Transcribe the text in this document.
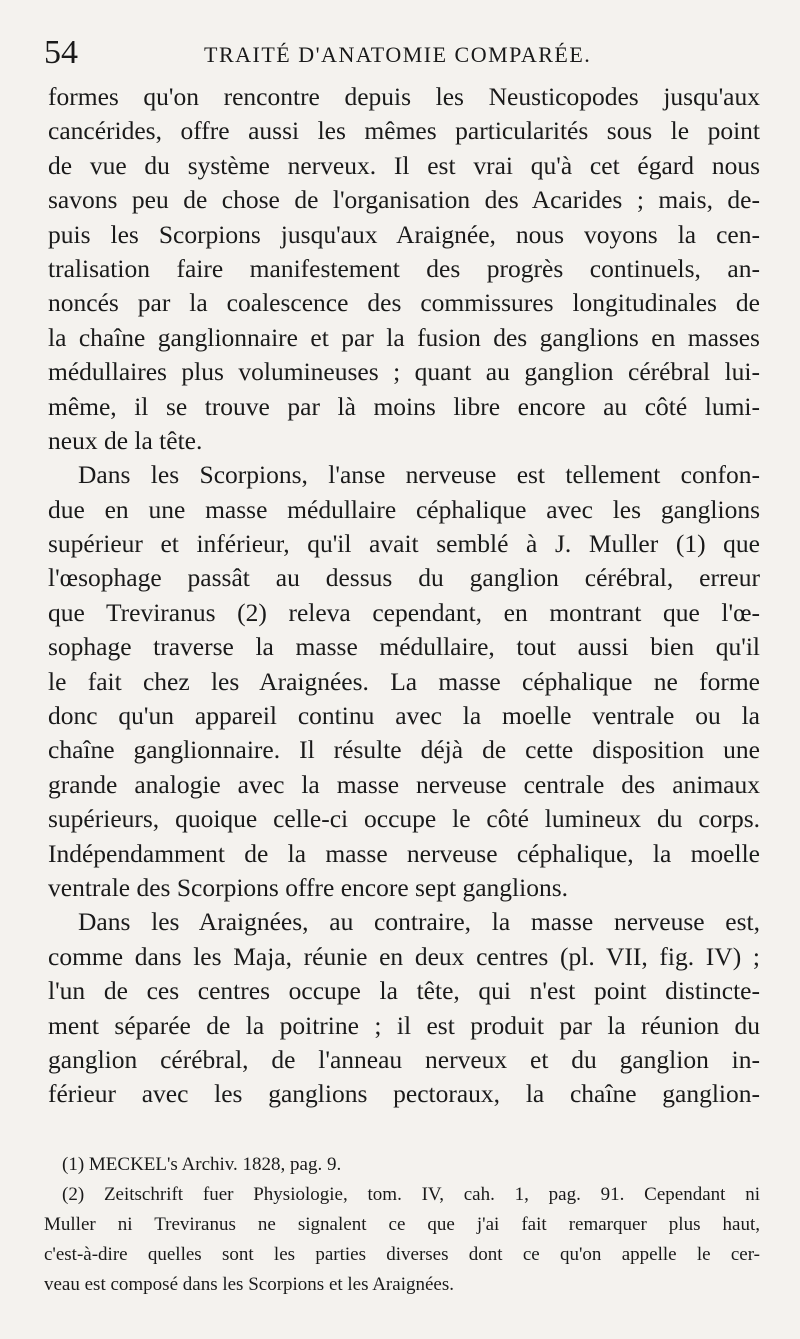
54	TRAITÉ D'ANATOMIE COMPARÉE.
formes qu'on rencontre depuis les Neusticopodes jusqu'aux
cancérides, offre aussi les mêmes particularités sous le point
de vue du système nerveux. Il est vrai qu'à cet égard nous
savons peu de chose de l'organisation des Acarides ; mais, de-
puis les Scorpions jusqu'aux Araignée, nous voyons la cen-
tralisation faire manifestement des progrès continuels, an-
noncés par la coalescence des commissures longitudinales de
la chaîne ganglionnaire et par la fusion des ganglions en masses
médullaires plus volumineuses ; quant au ganglion cérébral lui-
même, il se trouve par là moins libre encore au côté lumi-
neux de la tête.
Dans les Scorpions, l'anse nerveuse est tellement confon-
due en une masse médullaire céphalique avec les ganglions
supérieur et inférieur, qu'il avait semblé à J. Muller (1) que
l'œsophage passât au dessus du ganglion cérébral, erreur
que Treviranus (2) releva cependant, en montrant que l'œ-
sophage traverse la masse médullaire, tout aussi bien qu'il
le fait chez les Araignées. La masse céphalique ne forme
donc qu'un appareil continu avec la moelle ventrale ou la
chaîne ganglionnaire. Il résulte déjà de cette disposition une
grande analogie avec la masse nerveuse centrale des animaux
supérieurs, quoique celle-ci occupe le côté lumineux du corps.
Indépendamment de la masse nerveuse céphalique, la moelle
ventrale des Scorpions offre encore sept ganglions.
Dans les Araignées, au contraire, la masse nerveuse est,
comme dans les Maja, réunie en deux centres (pl. VII, fig. IV) ;
l'un de ces centres occupe la tête, qui n'est point distincte-
ment séparée de la poitrine ; il est produit par la réunion du
ganglion cérébral, de l'anneau nerveux et du ganglion in-
férieur avec les ganglions pectoraux, la chaîne ganglion-
(1) MECKEL's Archiv. 1828, pag. 9.
(2) Zeitschrift fuer Physiologie, tom. IV, cah. 1, pag. 91. Cependant ni
Muller ni Treviranus ne signalent ce que j'ai fait remarquer plus haut,
c'est-à-dire quelles sont les parties diverses dont ce qu'on appelle le cer-
veau est composé dans les Scorpions et les Araignées.
